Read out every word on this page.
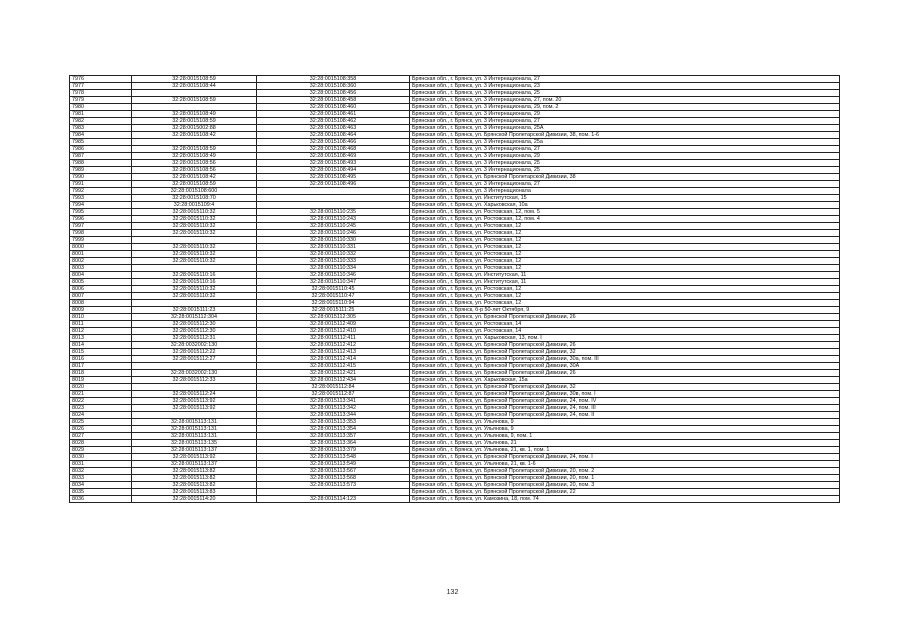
7976	32:28:0015108:59	32:28:0015108:358	Брянская обл., г. Брянск, ул. 3 Интернационала, 27
7977	32:28:0015108:44	32:28:0015108:360	Брянская обл., г. Брянск, ул. 3 Интернационала, 23
7978		32:28:0015108:456	Брянская обл., г. Брянск, ул. 3 Интернационала, 25
7979	32:28:0015108:59	32:28:0015108:458	Брянская обл., г. Брянск, ул. 3 Интернационала, 27, пом. 20
7980		32:28:0015108:460	Брянская обл., г. Брянск, ул. 3 Интернационала, 29, пом. 2
7981	32:28:0015108:49	32:28:0015108:461	Брянская обл., г. Брянск, ул. 3 Интернационала, 29
7982	32:28:0015108:59	32:28:0015108:462	Брянская обл., г. Брянск, ул. 3 Интернационала, 27
7983	32:28:0015002:88	32:28:0015108:463	Брянская обл., г. Брянск, ул. 3 Интернационала, 25А
7984	32:28:0015108:42	32:28:0015108:464	Брянская обл., г. Брянск, ул. Брянской Пролетарской Дивизии, 38, пом. 1-6
7985		32:28:0015108:466	Брянская обл., г. Брянск, ул. 3 Интернационала, 25а
7986	32:28:0015108:59	32:28:0015108:468	Брянская обл., г. Брянск, ул. 3 Интернационала, 27
7987	32:28:0015108:49	32:28:0015108:469	Брянская обл., г. Брянск, ул. 3 Интернационала, 29
7988	32:28:0015108:56	32:28:0015108:493	Брянская обл., г. Брянск, ул. 3 Интернационала, 25
7989	32:28:0015108:56	32:28:0015108:494	Брянская обл., г. Брянск, ул. 3 Интернационала, 25
7990	32:28:0015108:42	32:28:0015108:495	Брянская обл., г. Брянск, ул. Брянской Пролетарской Дивизии, 38
7991	32:28:0015108:59	32:28:0015108:496	Брянская обл., г. Брянск, ул. 3 Интернационала, 27
7992	32:28:0015108:600		Брянская обл., г. Брянск, ул. 3 Интернационала
7993	32:28:0015108:70		Брянская обл., г. Брянск, ул. Институтская, 15
7994	32:28:0015109:4		Брянская обл., г. Брянск, ул. Харьковская, 10а
7995	32:28:0015110:32	32:28:0015110:235	Брянская обл., г. Брянск, ул. Ростовская, 12, пом. 5
7996	32:28:0015110:32	32:28:0015110:243	Брянская обл., г. Брянск, ул. Ростовская, 12, пом. 4
7997	32:28:0015110:32	32:28:0015110:245	Брянская обл., г. Брянск, ул. Ростовская, 12
7998	32:28:0015110:32	32:28:0015110:246	Брянская обл., г. Брянск, ул. Ростовская, 12
7999		32:28:0015110:330	Брянская обл., г. Брянск, ул. Ростовская, 12
8000	32:28:0015110:32	32:28:0015110:331	Брянская обл., г. Брянск, ул. Ростовская, 12
8001	32:28:0015110:32	32:28:0015110:332	Брянская обл., г. Брянск, ул. Ростовская, 12
8002	32:28:0015110:32	32:28:0015110:333	Брянская обл., г. Брянск, ул. Ростовская, 12
8003		32:28:0015110:334	Брянская обл., г. Брянск, ул. Ростовская, 12
8004	32:28:0015110:16	32:28:0015110:346	Брянская обл., г. Брянск, ул. Институтская, 11
8005	32:28:0015110:16	32:28:0015110:347	Брянская обл., г. Брянск, ул. Институтская, 11
8006	32:28:0015110:32	32:28:0015110:45	Брянская обл., г. Брянск, ул. Ростовская, 12
8007	32:28:0015110:32	32:28:0015110:47	Брянская обл., г. Брянск, ул. Ростовская, 12
8008		32:28:0015110:94	Брянская обл., г. Брянск, ул. Ростовская, 12
8009	32:28:0015111:23	32:28:0015111:25	Брянская обл., г. Брянск, б-р 50-лет Октября, 9
8010	32:28:0015112:304	32:28:0015112:305	Брянская обл., г. Брянск, ул. Брянской Пролетарской Дивизии, 26
8011	32:28:0015112:30	32:28:0015112:409	Брянская обл., г. Брянск, ул. Ростовская, 14
8012	32:28:0015112:30	32:28:0015112:410	Брянская обл., г. Брянск, ул. Ростовская, 14
8013	32:28:0015112:31	32:28:0015112:411	Брянская обл., г. Брянск, ул. Харьковская, 13, пом. I
8014	32:28:0032002:130	32:28:0015112:412	Брянская обл., г. Брянск, ул. Брянской Пролетарской Дивизии, 26
8015	32:28:0015112:22	32:28:0015112:413	Брянская обл., г. Брянск, ул. Брянской Пролетарской Дивизии, 32
8016	32:28:0015112:27	32:28:0015112:414	Брянская обл., г. Брянск, ул. Брянской Пролетарской Дивизии, 30а, пом. III
8017		32:28:0015112:415	Брянская обл., г. Брянск, ул. Брянской Пролетарской Дивизии, 30А
8018	32:28:0032002:130	32:28:0015112:421	Брянская обл., г. Брянск, ул. Брянской Пролетарской Дивизии, 26
8019	32:28:0015112:33	32:28:0015112:434	Брянская обл., г. Брянск, ул. Харьковская, 15а
8020		32:28:0015112:84	Брянская обл., г. Брянск, ул. Брянской Пролетарской Дивизии, 32
8021	32:28:0015112:24	32:28:0015112:87	Брянская обл., г. Брянск, ул. Брянской Пролетарской Дивизии, 30в, пом. I
8022	32:28:0015113:92	32:28:0015113:341	Брянская обл., г. Брянск, ул. Брянской Пролетарской Дивизии, 24, пом. IV
8023	32:28:0015113:92	32:28:0015113:342	Брянская обл., г. Брянск, ул. Брянской Пролетарской Дивизии, 24, пом. III
8024		32:28:0015113:344	Брянская обл., г. Брянск, ул. Брянской Пролетарской Дивизии, 24, пом. II
8025	32:28:0015113:131	32:28:0015113:353	Брянская обл., г. Брянск, ул. Ульянова, 9
8026	32:28:0015113:131	32:28:0015113:354	Брянская обл., г. Брянск, ул. Ульянова, 9
8027	32:28:0015113:131	32:28:0015113:357	Брянская обл., г. Брянск, ул. Ульянова, 9, пом. 1
8028	32:28:0015113:135	32:28:0015113:364	Брянская обл., г. Брянск, ул. Ульянова, 21
8029	32:28:0015113:137	32:28:0015113:379	Брянская обл., г. Брянск, ул. Ульянова, 21, кв. 1, пом. 1
8030	32:28:0015113:92	32:28:0015113:548	Брянская обл., г. Брянск, ул. Брянской Пролетарской Дивизии, 24, пом. I
8031	32:28:0015113:137	32:28:0015113:549	Брянская обл., г. Брянск, ул. Ульянова, 21, кв. 1-6
8032	32:28:0015113:82	32:28:0015113:567	Брянская обл., г. Брянск, ул. Брянской Пролетарской Дивизии, 20, пом. 2
8033	32:28:0015113:82	32:28:0015113:568	Брянская обл., г. Брянск, ул. Брянской Пролетарской Дивизии, 20, пом. 1
8034	32:28:0015113:82	32:28:0015113:573	Брянская обл., г. Брянск, ул. Брянской Пролетарской Дивизии, 20, пом. 3
8035	32:28:0015113:83		Брянская обл., г. Брянск, ул. Брянской Пролетарской Дивизии, 22
8036	32:28:0015114:20	32:28:0015114:123	Брянская обл., г. Брянск, ул. Камозина, 18, пом. 74
132
